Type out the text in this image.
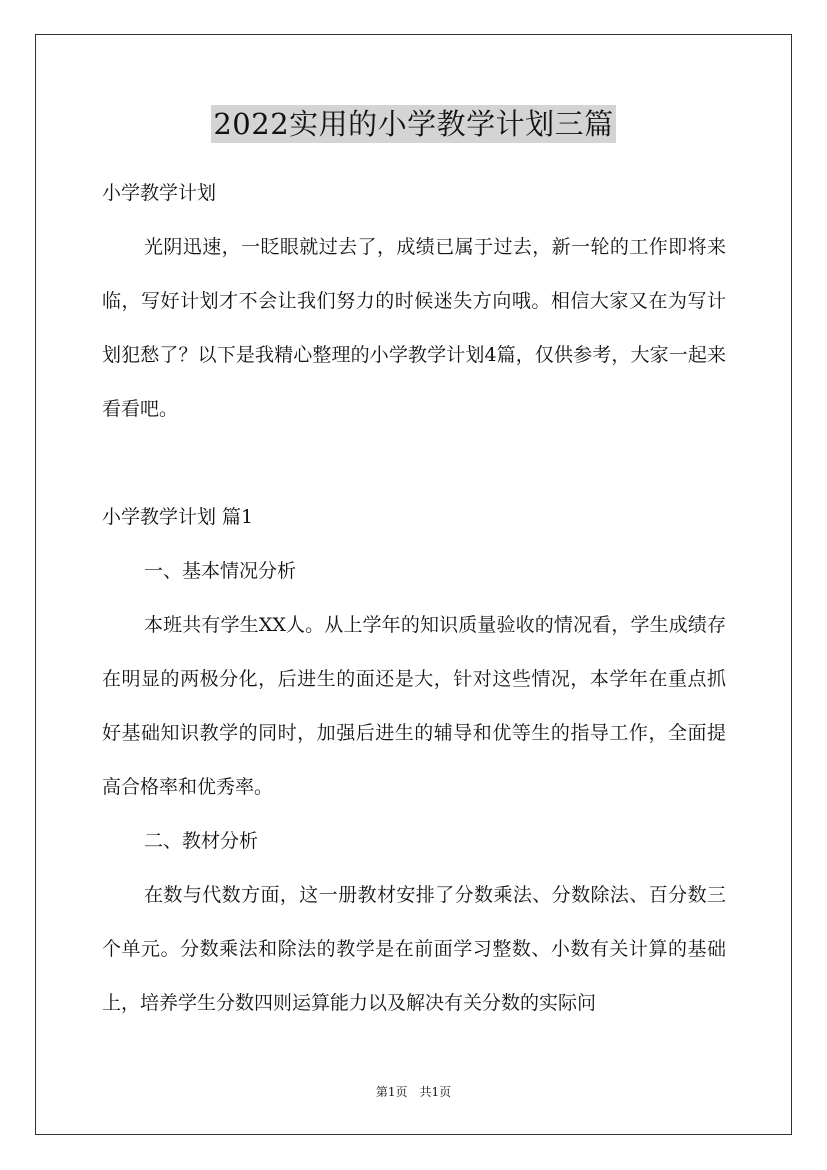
2022实用的小学教学计划三篇

小学教学计划

光阴迅速，一眨眼就过去了，成绩已属于过去，新一轮的工作即将来临，写好计划才不会让我们努力的时候迷失方向哦。相信大家又在为写计划犯愁了？以下是我精心整理的小学教学计划4篇，仅供参考，大家一起来看看吧。

小学教学计划 篇1

一、基本情况分析

本班共有学生XX人。从上学年的知识质量验收的情况看，学生成绩存在明显的两极分化，后进生的面还是大，针对这些情况，本学年在重点抓好基础知识教学的同时，加强后进生的辅导和优等生的指导工作，全面提高合格率和优秀率。

二、教材分析

在数与代数方面，这一册教材安排了分数乘法、分数除法、百分数三个单元。分数乘法和除法的教学是在前面学习整数、小数有关计算的基础上，培养学生分数四则运算能力以及解决有关分数的实际问

第1页　共1页
